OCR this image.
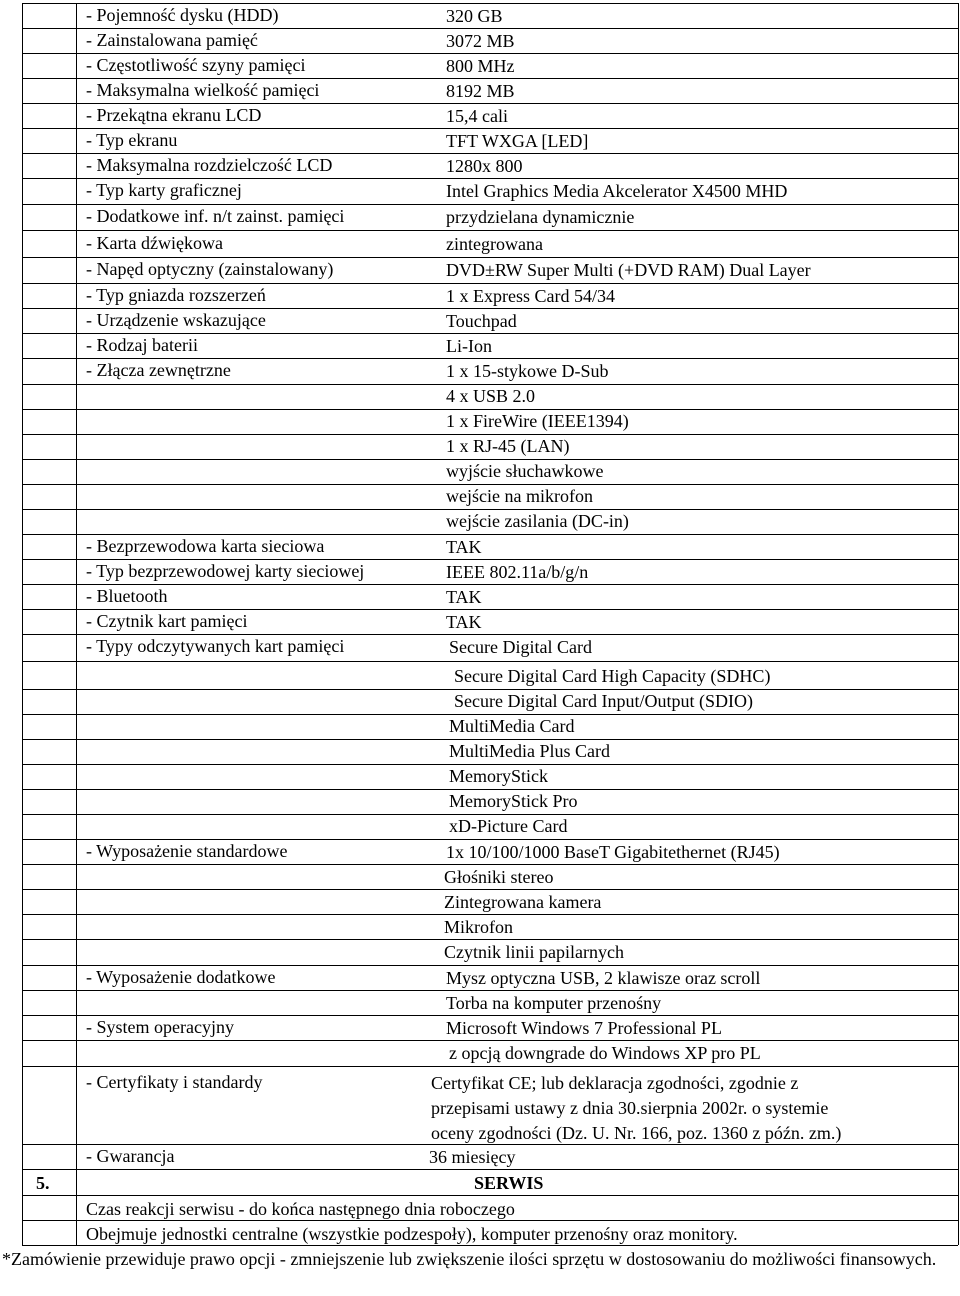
- Pojemność dysku (HDD)	320 GB
- Zainstalowana pamięć	3072 MB
- Częstotliwość szyny pamięci	800 MHz
- Maksymalna wielkość pamięci	8192 MB
- Przekątna ekranu LCD	15,4 cali
- Typ ekranu	TFT WXGA [LED]
- Maksymalna rozdzielczość LCD	1280x 800
- Typ karty graficznej	Intel Graphics Media Akcelerator X4500 MHD
- Dodatkowe inf. n/t zainst. pamięci	przydzielana dynamicznie
- Karta dźwiękowa	zintegrowana
- Napęd optyczny (zainstalowany)	DVD±RW Super Multi (+DVD RAM) Dual Layer
- Typ gniazda rozszerzeń	1 x Express Card 54/34
- Urządzenie wskazujące	Touchpad
- Rodzaj baterii	Li-Ion
- Złącza zewnętrzne	1 x 15-stykowe D-Sub
4 x USB 2.0
1 x FireWire (IEEE1394)
1 x RJ-45 (LAN)
wyjście słuchawkowe
wejście na mikrofon
wejście zasilania (DC-in)
- Bezprzewodowa karta sieciowa	TAK
- Typ bezprzewodowej karty sieciowej	IEEE 802.11a/b/g/n
- Bluetooth	TAK
- Czytnik kart pamięci	TAK
- Typy odczytywanych kart pamięci	Secure Digital Card
Secure Digital Card High Capacity (SDHC)
Secure Digital Card Input/Output (SDIO)
MultiMedia Card
MultiMedia Plus Card
MemoryStick
MemoryStick Pro
xD-Picture Card
- Wyposażenie standardowe	1x 10/100/1000 BaseT Gigabitethernet (RJ45)
Głośniki stereo
Zintegrowana kamera
Mikrofon
Czytnik linii papilarnych
- Wyposażenie dodatkowe	Mysz optyczna USB, 2 klawisze oraz scroll
Torba na komputer przenośny
- System operacyjny	Microsoft Windows 7 Professional PL
z opcją downgrade do Windows XP pro PL
- Certyfikaty i standardy	Certyfikat CE; lub deklaracja zgodności, zgodnie z
przepisami ustawy z dnia 30.sierpnia 2002r. o systemie
oceny zgodności (Dz. U. Nr. 166, poz. 1360 z późn. zm.)
- Gwarancja	36 miesięcy
5.	SERWIS
Czas reakcji serwisu - do końca następnego dnia roboczego
Obejmuje jednostki centralne (wszystkie podzespoły), komputer przenośny oraz monitory.
*Zamówienie przewiduje prawo opcji - zmniejszenie lub zwiększenie ilości sprzętu w dostosowaniu do możliwości finansowych.
